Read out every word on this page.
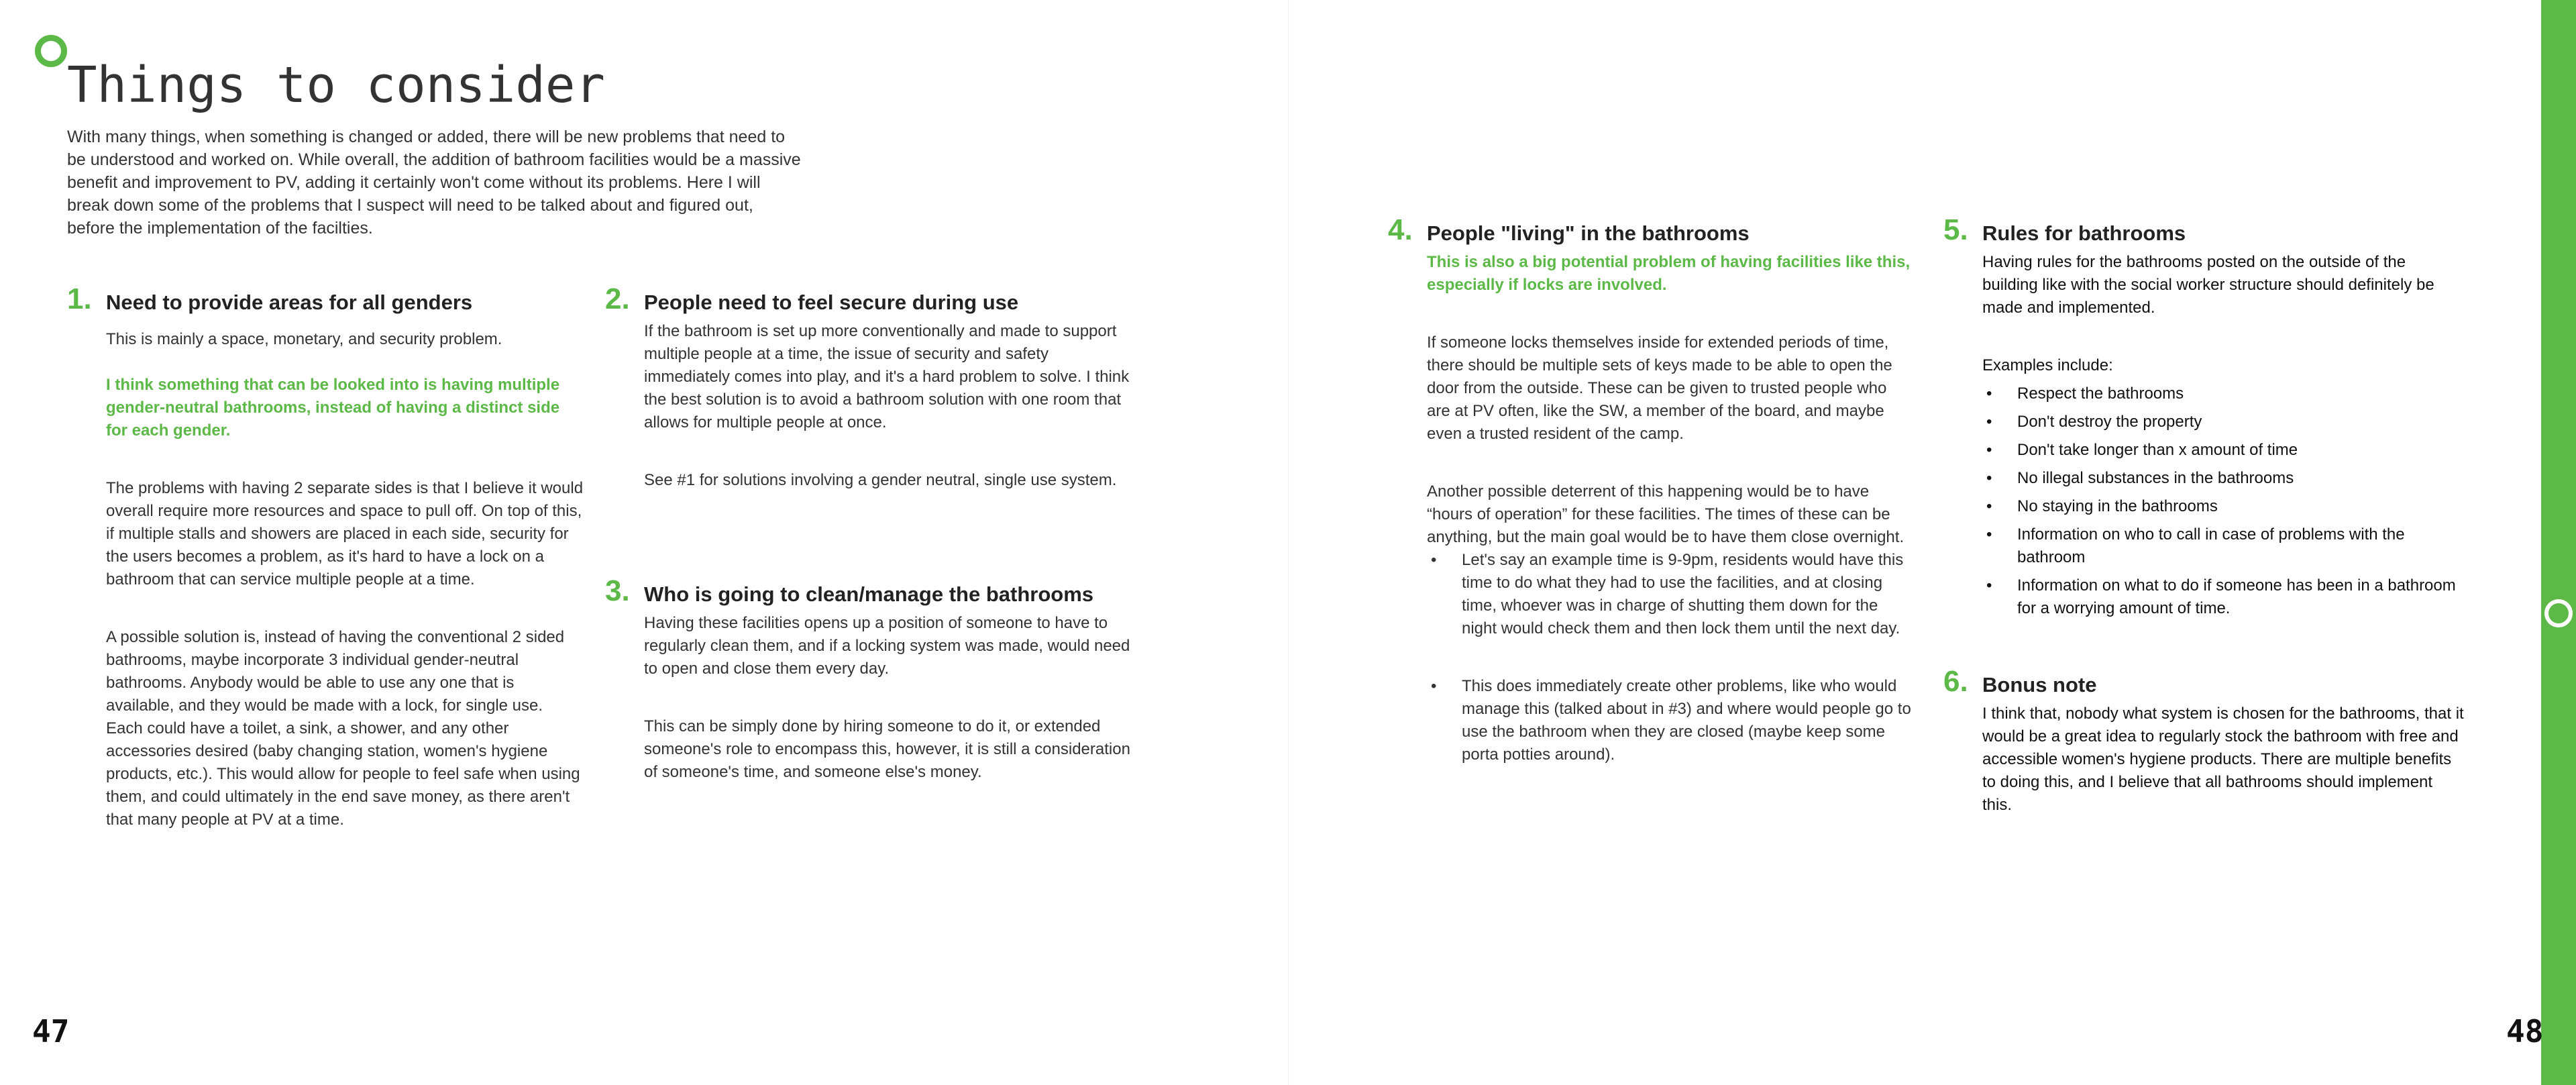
Things to consider

With many things, when something is changed or added, there will be new problems that need to be understood and worked on. While overall, the addition of bathroom facilities would be a massive benefit and improvement to PV, adding it certainly won't come without its problems. Here I will break down some of the problems that I suspect will need to be talked about and figured out, before the implementation of the facilties.

1. Need to provide areas for all genders

This is mainly a space, monetary, and security problem.

I think something that can be looked into is having multiple gender-neutral bathrooms, instead of having a distinct side for each gender.

The problems with having 2 separate sides is that I believe it would overall require more resources and space to pull off. On top of this, if multiple stalls and showers are placed in each side, security for the users becomes a problem, as it's hard to have a lock on a bathroom that can service multiple people at a time.

A possible solution is, instead of having the conventional 2 sided bathrooms, maybe incorporate 3 individual gender-neutral bathrooms. Anybody would be able to use any one that is available, and they would be made with a lock, for single use. Each could have a toilet, a sink, a shower, and any other accessories desired (baby changing station, women's hygiene products, etc.). This would allow for people to feel safe when using them, and could ultimately in the end save money, as there aren't that many people at PV at a time.

2. People need to feel secure during use

If the bathroom is set up more conventionally and made to support multiple people at a time, the issue of security and safety immediately comes into play, and it's a hard problem to solve. I think the best solution is to avoid a bathroom solution with one room that allows for multiple people at once.

See #1 for solutions involving a gender neutral, single use system.

3. Who is going to clean/manage the bathrooms

Having these facilities opens up a position of someone to have to regularly clean them, and if a locking system was made, would need to open and close them every day.

This can be simply done by hiring someone to do it, or extended someone's role to encompass this, however, it is still a consideration of someone's time, and someone else's money.

4. People "living" in the bathrooms

This is also a big potential problem of having facilities like this, especially if locks are involved.

If someone locks themselves inside for extended periods of time, there should be multiple sets of keys made to be able to open the door from the outside. These can be given to trusted people who are at PV often, like the SW, a member of the board, and maybe even a trusted resident of the camp.

Another possible deterrent of this happening would be to have “hours of operation” for these facilities. The times of these can be anything, but the main goal would be to have them close overnight.

• Let's say an example time is 9-9pm, residents would have this time to do what they had to use the facilities, and at closing time, whoever was in charge of shutting them down for the night would check them and then lock them until the next day.
• This does immediately create other problems, like who would manage this (talked about in #3) and where would people go to use the bathroom when they are closed (maybe keep some porta potties around).
5. Rules for bathrooms

Having rules for the bathrooms posted on the outside of the building like with the social worker structure should definitely be made and implemented.

Examples include:

• Respect the bathrooms
• Don't destroy the property
• Don't take longer than x amount of time
• No illegal substances in the bathrooms
• No staying in the bathrooms
• Information on who to call in case of problems with the bathroom
• Information on what to do if someone has been in a bathroom for a worrying amount of time.
6. Bonus note

I think that, nobody what system is chosen for the bathrooms, that it would be a great idea to regularly stock the bathroom with free and accessible women's hygiene products. There are multiple benefits to doing this, and I believe that all bathrooms should implement this.

47	48
